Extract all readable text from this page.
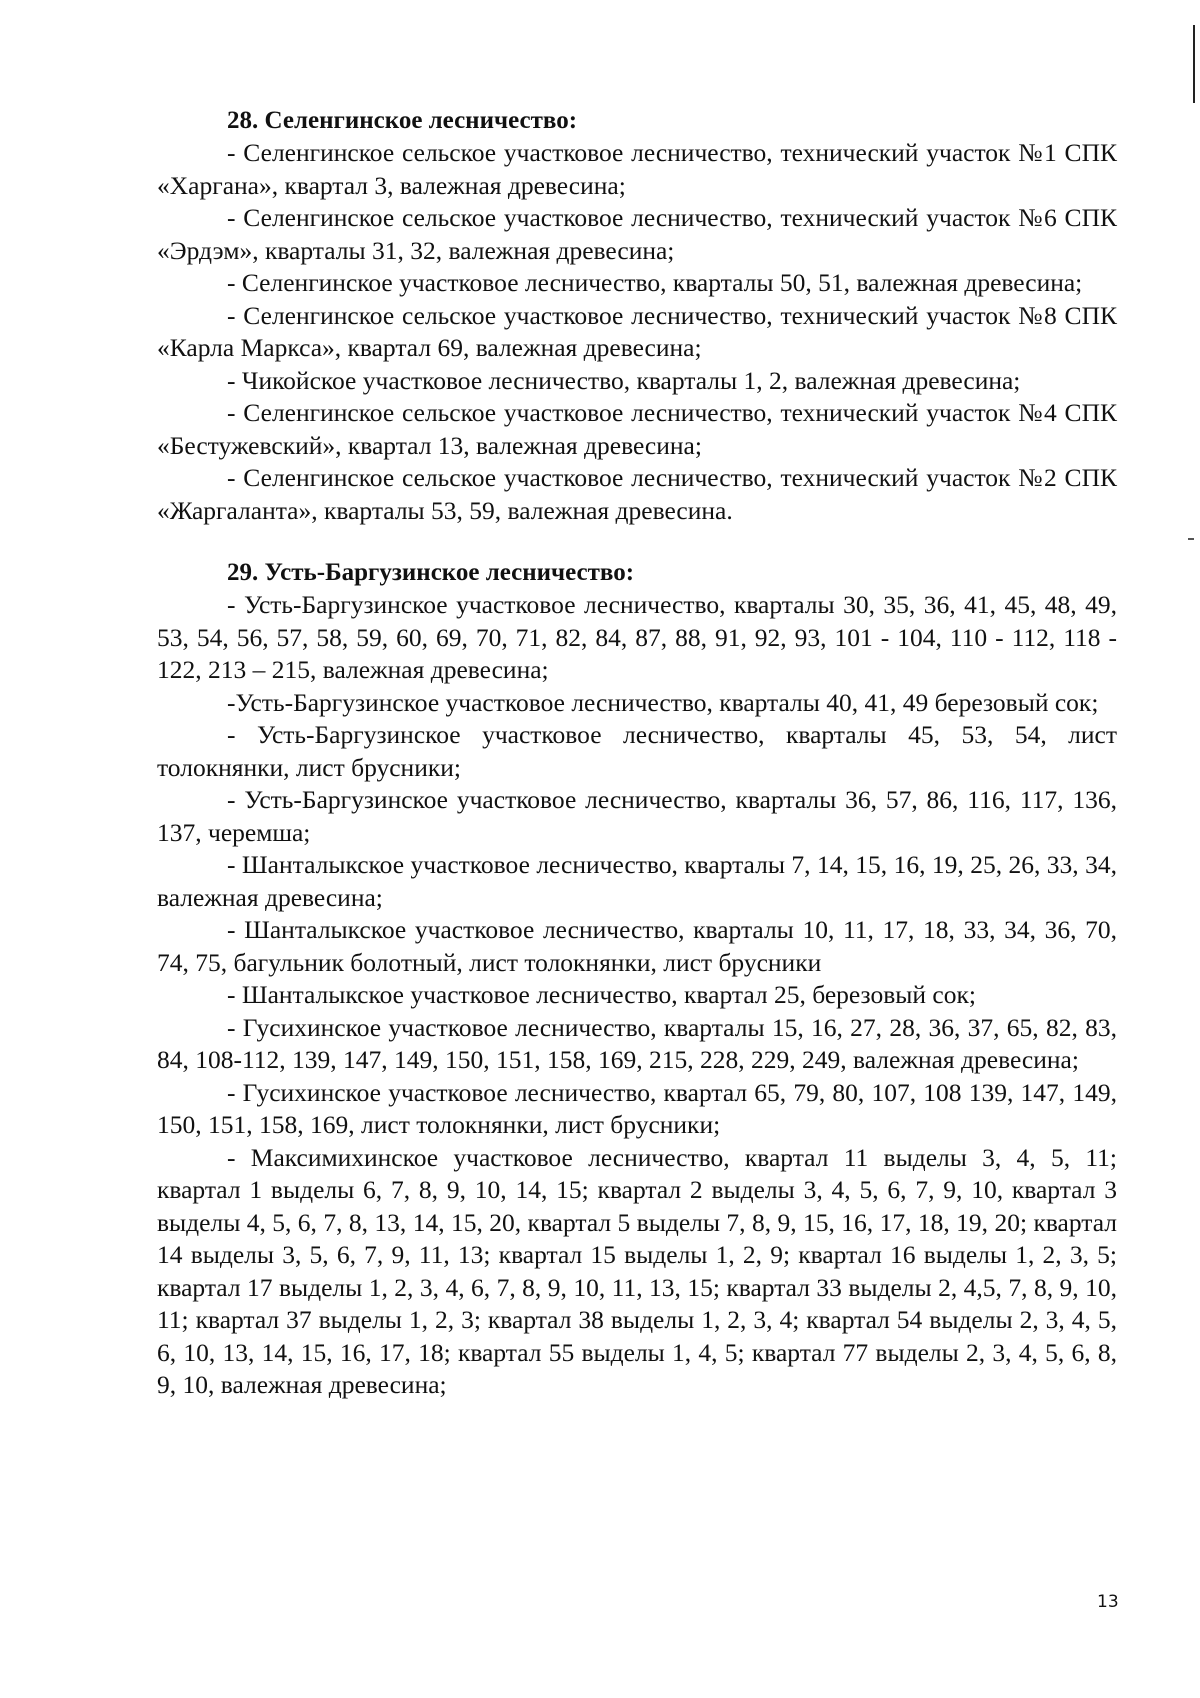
28. Селенгинское лесничество:

- Селенгинское сельское участковое лесничество, технический участок №1 СПК «Харгана», квартал 3, валежная древесина;

- Селенгинское сельское участковое лесничество, технический участок №6 СПК «Эрдэм», кварталы 31, 32, валежная древесина;

- Селенгинское участковое лесничество, кварталы 50, 51, валежная древесина;

- Селенгинское сельское участковое лесничество, технический участок №8 СПК «Карла Маркса», квартал 69, валежная древесина;

- Чикойское участковое лесничество, кварталы 1, 2, валежная древесина;

- Селенгинское сельское участковое лесничество, технический участок №4 СПК «Бестужевский», квартал 13, валежная древесина;

- Селенгинское сельское участковое лесничество, технический участок №2 СПК «Жаргаланта», кварталы 53, 59, валежная древесина.

29. Усть-Баргузинское лесничество:

- Усть-Баргузинское участковое лесничество, кварталы 30, 35, 36, 41, 45, 48, 49, 53, 54, 56, 57, 58, 59, 60, 69, 70, 71, 82, 84, 87, 88, 91, 92, 93, 101 - 104, 110 - 112, 118 - 122, 213 – 215, валежная древесина;

-Усть-Баргузинское участковое лесничество, кварталы 40, 41, 49 березовый сок;

- Усть-Баргузинское участковое лесничество, кварталы 45, 53, 54, лист толокнянки, лист брусники;

- Усть-Баргузинское участковое лесничество, кварталы 36, 57, 86, 116, 117, 136, 137, черемша;

- Шанталыкское участковое лесничество, кварталы 7, 14, 15, 16, 19, 25, 26, 33, 34, валежная древесина;

- Шанталыкское участковое лесничество, кварталы 10, 11, 17, 18, 33, 34, 36, 70, 74, 75, багульник болотный, лист толокнянки, лист брусники

- Шанталыкское участковое лесничество, квартал 25, березовый сок;

- Гусихинское участковое лесничество, кварталы 15, 16, 27, 28, 36, 37, 65, 82, 83, 84, 108-112, 139, 147, 149, 150, 151, 158, 169, 215, 228, 229, 249, валежная древесина;

- Гусихинское участковое лесничество, квартал 65, 79, 80, 107, 108 139, 147, 149, 150, 151, 158, 169, лист толокнянки, лист брусники;

- Максимихинское участковое лесничество, квартал 11 выделы 3, 4, 5, 11; квартал 1 выделы 6, 7, 8, 9, 10, 14, 15; квартал 2 выделы 3, 4, 5, 6, 7, 9, 10, квартал 3 выделы 4, 5, 6, 7, 8, 13, 14, 15, 20, квартал 5 выделы 7, 8, 9, 15, 16, 17, 18, 19, 20; квартал 14 выделы 3, 5, 6, 7, 9, 11, 13; квартал 15 выделы 1, 2, 9; квартал 16 выделы 1, 2, 3, 5; квартал 17 выделы 1, 2, 3, 4, 6, 7, 8, 9, 10, 11, 13, 15; квартал 33 выделы 2, 4,5, 7, 8, 9, 10, 11; квартал 37 выделы 1, 2, 3; квартал 38 выделы 1, 2, 3, 4; квартал 54 выделы 2, 3, 4, 5, 6, 10, 13, 14, 15, 16, 17, 18; квартал 55 выделы 1, 4, 5; квартал 77 выделы 2, 3, 4, 5, 6, 8, 9, 10, валежная древесина;

13
